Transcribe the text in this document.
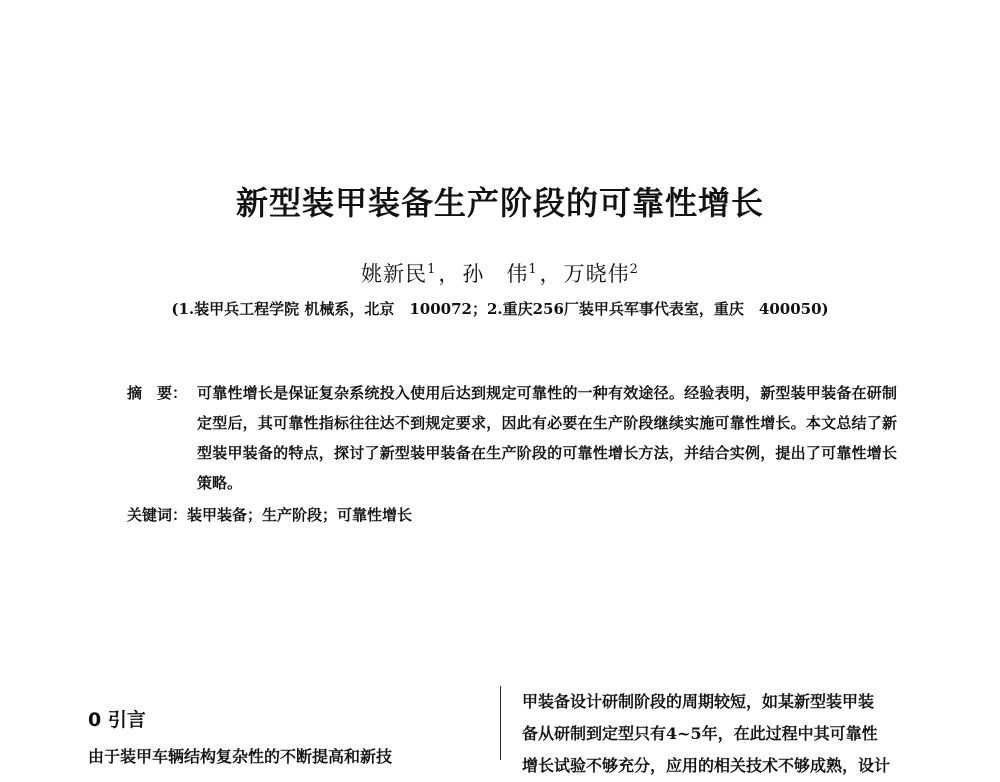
新型装甲装备生产阶段的可靠性增长
姚新民$^1$，孙　伟$^1$，万晓伟$^2$
(1.装甲兵工程学院 机械系，北京　100072；2.重庆256厂装甲兵军事代表室，重庆　400050)
摘　要： 可靠性增长是保证复杂系统投入使用后达到规定可靠性的一种有效途径。经验表明，新型装甲装备在研制定型后，其可靠性指标往往达不到规定要求，因此有必要在生产阶段继续实施可靠性增长。本文总结了新型装甲装备的特点，探讨了新型装甲装备在生产阶段的可靠性增长方法，并结合实例，提出了可靠性增长策略。
关键词：装甲装备；生产阶段；可靠性增长
0 引言
由于装甲车辆结构复杂性的不断提高和新技
甲装备设计研制阶段的周期较短，如某新型装甲装
备从研制到定型只有4~5年，在此过程中其可靠性
增长试验不够充分，应用的相关技术不够成熟，设计
